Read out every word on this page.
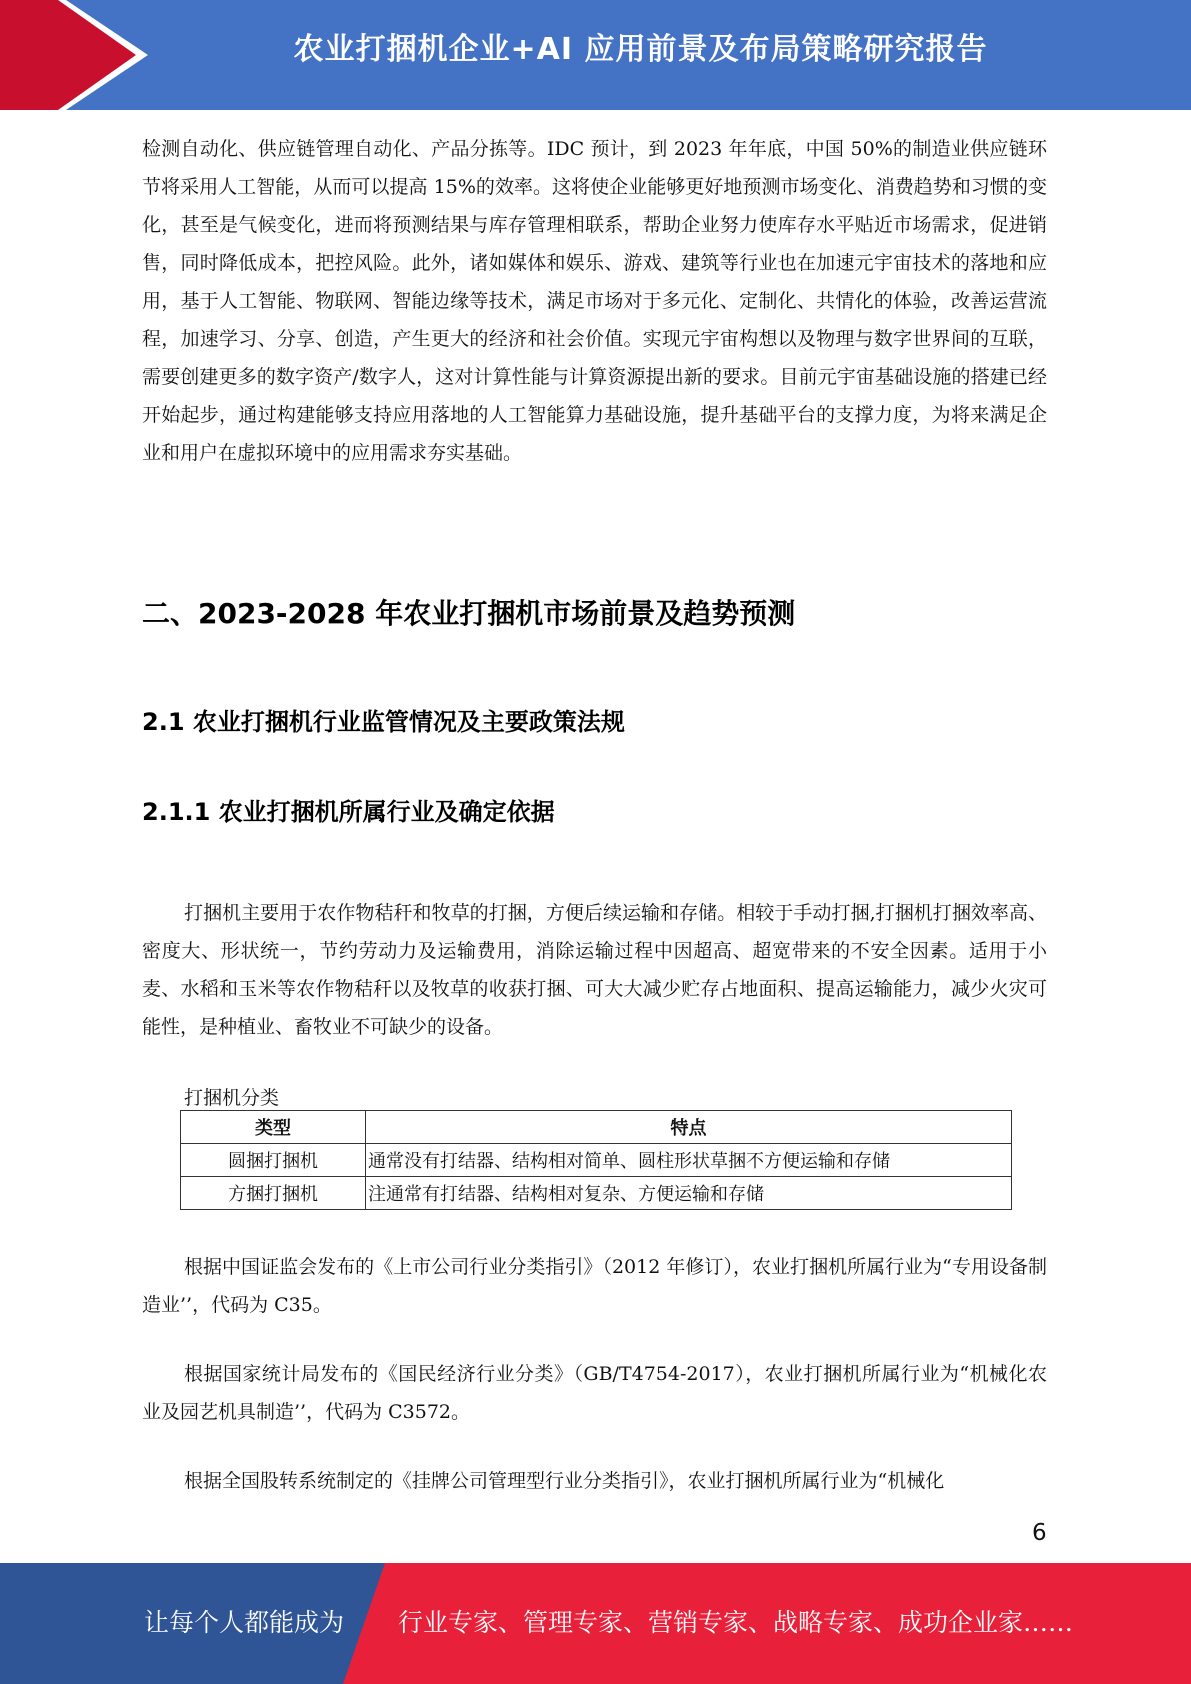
农业打捆机企业+AI 应用前景及布局策略研究报告

检测自动化、供应链管理自动化、产品分拣等。IDC 预计，到 2023 年年底，中国 50%的制造业供应链环节将采用人工智能，从而可以提高 15%的效率。这将使企业能够更好地预测市场变化、消费趋势和习惯的变化，甚至是气候变化，进而将预测结果与库存管理相联系，帮助企业努力使库存水平贴近市场需求，促进销售，同时降低成本，把控风险。此外，诸如媒体和娱乐、游戏、建筑等行业也在加速元宇宙技术的落地和应用，基于人工智能、物联网、智能边缘等技术，满足市场对于多元化、定制化、共情化的体验，改善运营流程，加速学习、分享、创造，产生更大的经济和社会价值。实现元宇宙构想以及物理与数字世界间的互联，需要创建更多的数字资产/数字人，这对计算性能与计算资源提出新的要求。目前元宇宙基础设施的搭建已经开始起步，通过构建能够支持应用落地的人工智能算力基础设施，提升基础平台的支撑力度，为将来满足企业和用户在虚拟环境中的应用需求夯实基础。

二、2023-2028 年农业打捆机市场前景及趋势预测
2.1 农业打捆机行业监管情况及主要政策法规
2.1.1 农业打捆机所属行业及确定依据

打捆机主要用于农作物秸秆和牧草的打捆，方便后续运输和存储。相较于手动打捆,打捆机打捆效率高、密度大、形状统一，节约劳动力及运输费用，消除运输过程中因超高、超宽带来的不安全因素。适用于小麦、水稻和玉米等农作物秸秆以及牧草的收获打捆、可大大减少贮存占地面积、提高运输能力，减少火灾可能性，是种植业、畜牧业不可缺少的设备。

打捆机分类
类型	特点
圆捆打捆机	通常没有打结器、结构相对简单、圆柱形状草捆不方便运输和存储
方捆打捆机	注通常有打结器、结构相对复杂、方便运输和存储

根据中国证监会发布的《上市公司行业分类指引》（2012 年修订），农业打捆机所属行业为“专用设备制造业’’，代码为 C35。

根据国家统计局发布的《国民经济行业分类》（GB/T4754-2017），农业打捆机所属行业为“机械化农业及园艺机具制造’’，代码为 C3572。

根据全国股转系统制定的《挂牌公司管理型行业分类指引》，农业打捆机所属行业为“机械化

6
让每个人都能成为 行业专家、管理专家、营销专家、战略专家、成功企业家……
